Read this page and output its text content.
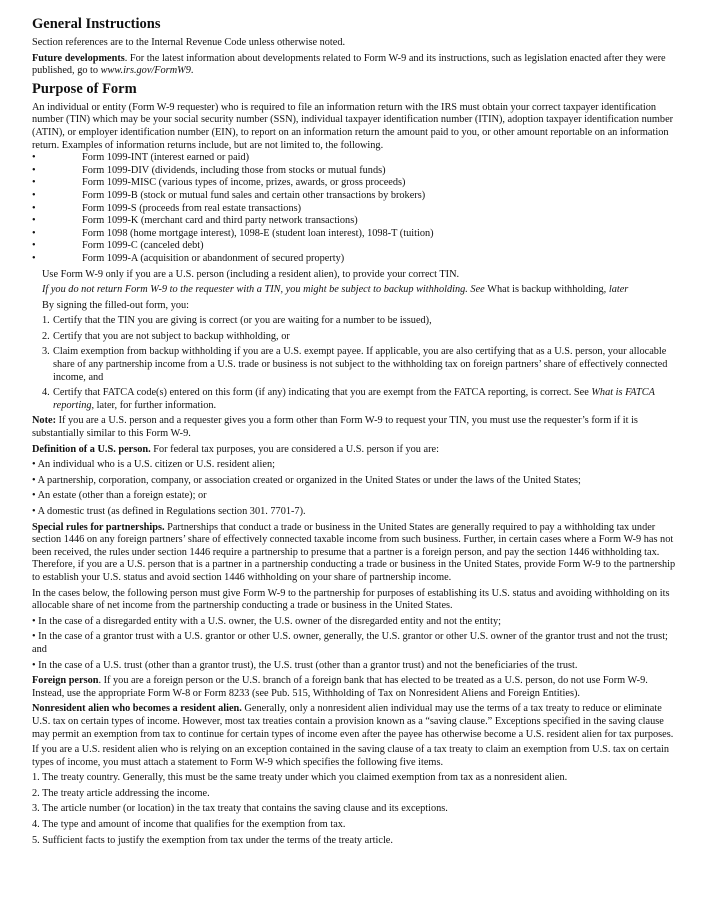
General Instructions

Section references are to the Internal Revenue Code unless otherwise noted.

Future developments. For the latest information about developments related to Form W-9 and its instructions, such as legislation enacted after they were published, go to www.irs.gov/FormW9.

Purpose of Form

An individual or entity (Form W-9 requester) who is required to file an information return with the IRS must obtain your correct taxpayer identification number (TIN) which may be your social security number (SSN), individual taxpayer identification number (ITIN), adoption taxpayer identification number (ATIN), or employer identification number (EIN), to report on an information return the amount paid to you, or other amount reportable on an information return. Examples of information returns include, but are not limited to, the following.

•	Form 1099-INT (interest earned or paid)
•	Form 1099-DIV (dividends, including those from stocks or mutual funds)
•	Form 1099-MISC (various types of income, prizes, awards, or gross proceeds)
•	Form 1099-B (stock or mutual fund sales and certain other transactions by brokers)
•	Form 1099-S (proceeds from real estate transactions)
•	Form 1099-K (merchant card and third party network transactions)
•	Form 1098 (home mortgage interest), 1098-E (student loan interest), 1098-T (tuition)
•	Form 1099-C (canceled debt)
•	Form 1099-A (acquisition or abandonment of secured property)

Use Form W-9 only if you are a U.S. person (including a resident alien), to provide your correct TIN.

If you do not return Form W-9 to the requester with a TIN, you might be subject to backup withholding. See What is backup withholding, later

By signing the filled-out form, you:

1. Certify that the TIN you are giving is correct (or you are waiting for a number to be issued),
2. Certify that you are not subject to backup withholding, or
3. Claim exemption from backup withholding if you are a U.S. exempt payee. If applicable, you are also certifying that as a U.S. person, your allocable share of any partnership income from a U.S. trade or business is not subject to the withholding tax on foreign partners’ share of effectively connected income, and
4. Certify that FATCA code(s) entered on this form (if any) indicating that you are exempt from the FATCA reporting, is correct. See What is FATCA reporting, later, for further information.

Note: If you are a U.S. person and a requester gives you a form other than Form W-9 to request your TIN, you must use the requester’s form if it is substantially similar to this Form W-9.

Definition of a U.S. person. For federal tax purposes, you are considered a U.S. person if you are:

• An individual who is a U.S. citizen or U.S. resident alien;

• A partnership, corporation, company, or association created or organized in the United States or under the laws of the United States;

• An estate (other than a foreign estate); or

• A domestic trust (as defined in Regulations section 301. 7701-7).

Special rules for partnerships. Partnerships that conduct a trade or business in the United States are generally required to pay a withholding tax under section 1446 on any foreign partners’ share of effectively connected taxable income from such business. Further, in certain cases where a Form W-9 has not been received, the rules under section 1446 require a partnership to presume that a partner is a foreign person, and pay the section 1446 withholding tax. Therefore, if you are a U.S. person that is a partner in a partnership conducting a trade or business in the United States, provide Form W-9 to the partnership to establish your U.S. status and avoid section 1446 withholding on your share of partnership income.

In the cases below, the following person must give Form W-9 to the partnership for purposes of establishing its U.S. status and avoiding withholding on its allocable share of net income from the partnership conducting a trade or business in the United States.

• In the case of a disregarded entity with a U.S. owner, the U.S. owner of the disregarded entity and not the entity;

• In the case of a grantor trust with a U.S. grantor or other U.S. owner, generally, the U.S. grantor or other U.S. owner of the grantor trust and not the trust; and

• In the case of a U.S. trust (other than a grantor trust), the U.S. trust (other than a grantor trust) and not the beneficiaries of the trust.

Foreign person. If you are a foreign person or the U.S. branch of a foreign bank that has elected to be treated as a U.S. person, do not use Form W-9. Instead, use the appropriate Form W-8 or Form 8233 (see Pub. 515, Withholding of Tax on Nonresident Aliens and Foreign Entities).

Nonresident alien who becomes a resident alien. Generally, only a nonresident alien individual may use the terms of a tax treaty to reduce or eliminate U.S. tax on certain types of income. However, most tax treaties contain a provision known as a “saving clause.” Exceptions specified in the saving clause may permit an exemption from tax to continue for certain types of income even after the payee has otherwise become a U.S. resident alien for tax purposes.

If you are a U.S. resident alien who is relying on an exception contained in the saving clause of a tax treaty to claim an exemption from U.S. tax on certain types of income, you must attach a statement to Form W-9 which specifies the following five items.

1. The treaty country. Generally, this must be the same treaty under which you claimed exemption from tax as a nonresident alien.

2. The treaty article addressing the income.

3. The article number (or location) in the tax treaty that contains the saving clause and its exceptions.

4. The type and amount of income that qualifies for the exemption from tax.

5. Sufficient facts to justify the exemption from tax under the terms of the treaty article.
